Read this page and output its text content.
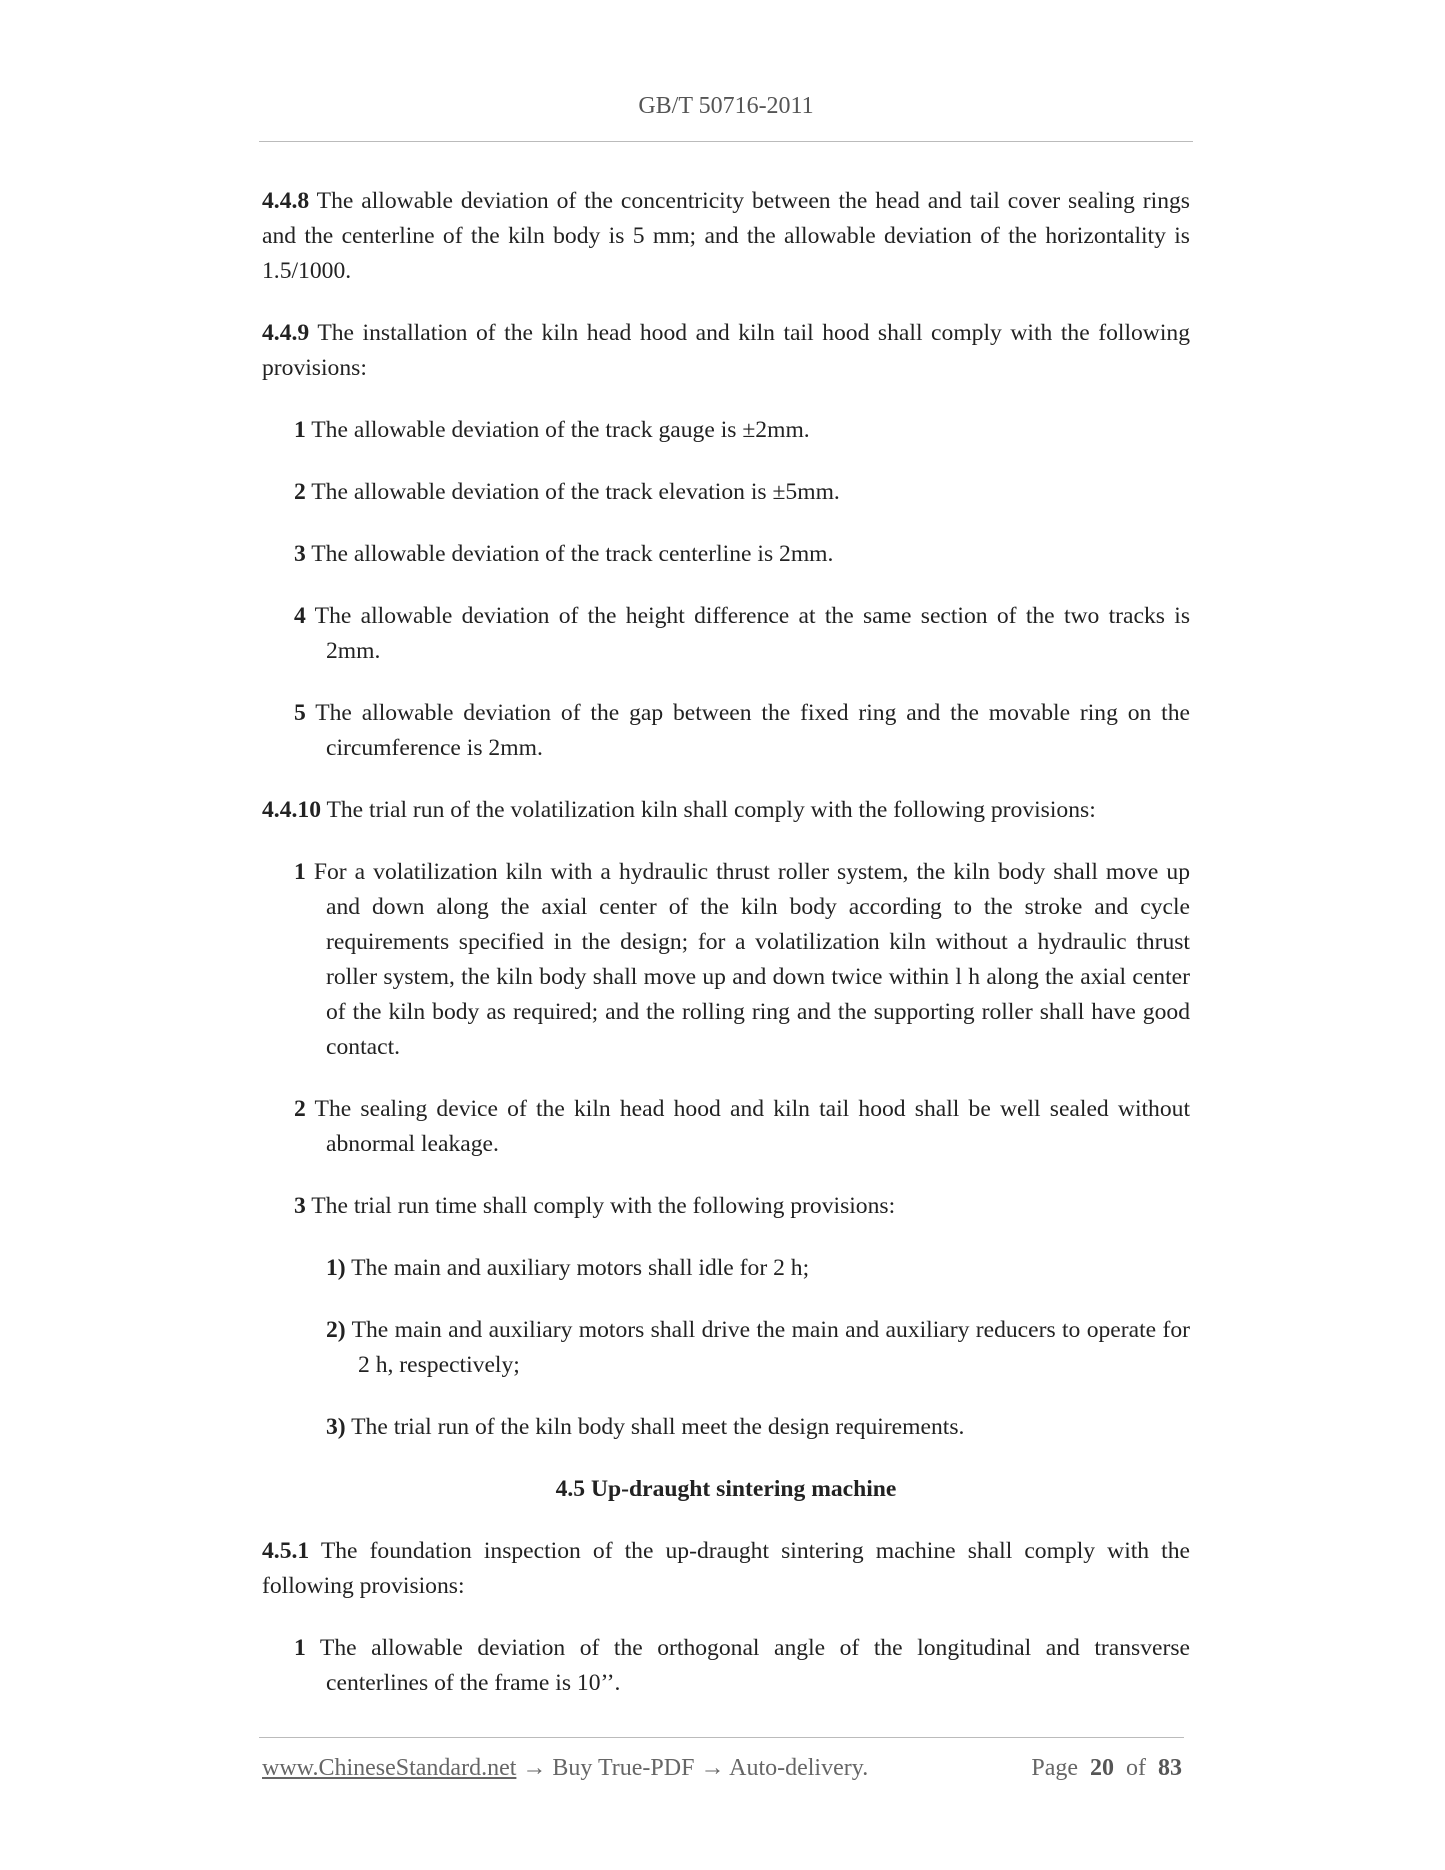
GB/T 50716-2011

4.4.8 The allowable deviation of the concentricity between the head and tail cover sealing rings and the centerline of the kiln body is 5 mm; and the allowable deviation of the horizontality is 1.5/1000.

4.4.9 The installation of the kiln head hood and kiln tail hood shall comply with the following provisions:

1 The allowable deviation of the track gauge is ±2mm.

2 The allowable deviation of the track elevation is ±5mm.

3 The allowable deviation of the track centerline is 2mm.

4 The allowable deviation of the height difference at the same section of the two tracks is 2mm.

5 The allowable deviation of the gap between the fixed ring and the movable ring on the circumference is 2mm.

4.4.10 The trial run of the volatilization kiln shall comply with the following provisions:

1 For a volatilization kiln with a hydraulic thrust roller system, the kiln body shall move up and down along the axial center of the kiln body according to the stroke and cycle requirements specified in the design; for a volatilization kiln without a hydraulic thrust roller system, the kiln body shall move up and down twice within l h along the axial center of the kiln body as required; and the rolling ring and the supporting roller shall have good contact.

2 The sealing device of the kiln head hood and kiln tail hood shall be well sealed without abnormal leakage.

3 The trial run time shall comply with the following provisions:

1) The main and auxiliary motors shall idle for 2 h;

2) The main and auxiliary motors shall drive the main and auxiliary reducers to operate for 2 h, respectively;

3) The trial run of the kiln body shall meet the design requirements.

4.5 Up-draught sintering machine

4.5.1 The foundation inspection of the up-draught sintering machine shall comply with the following provisions:

1 The allowable deviation of the orthogonal angle of the longitudinal and transverse centerlines of the frame is 10’’.

www.ChineseStandard.net → Buy True-PDF → Auto-delivery.	Page 20 of 83
